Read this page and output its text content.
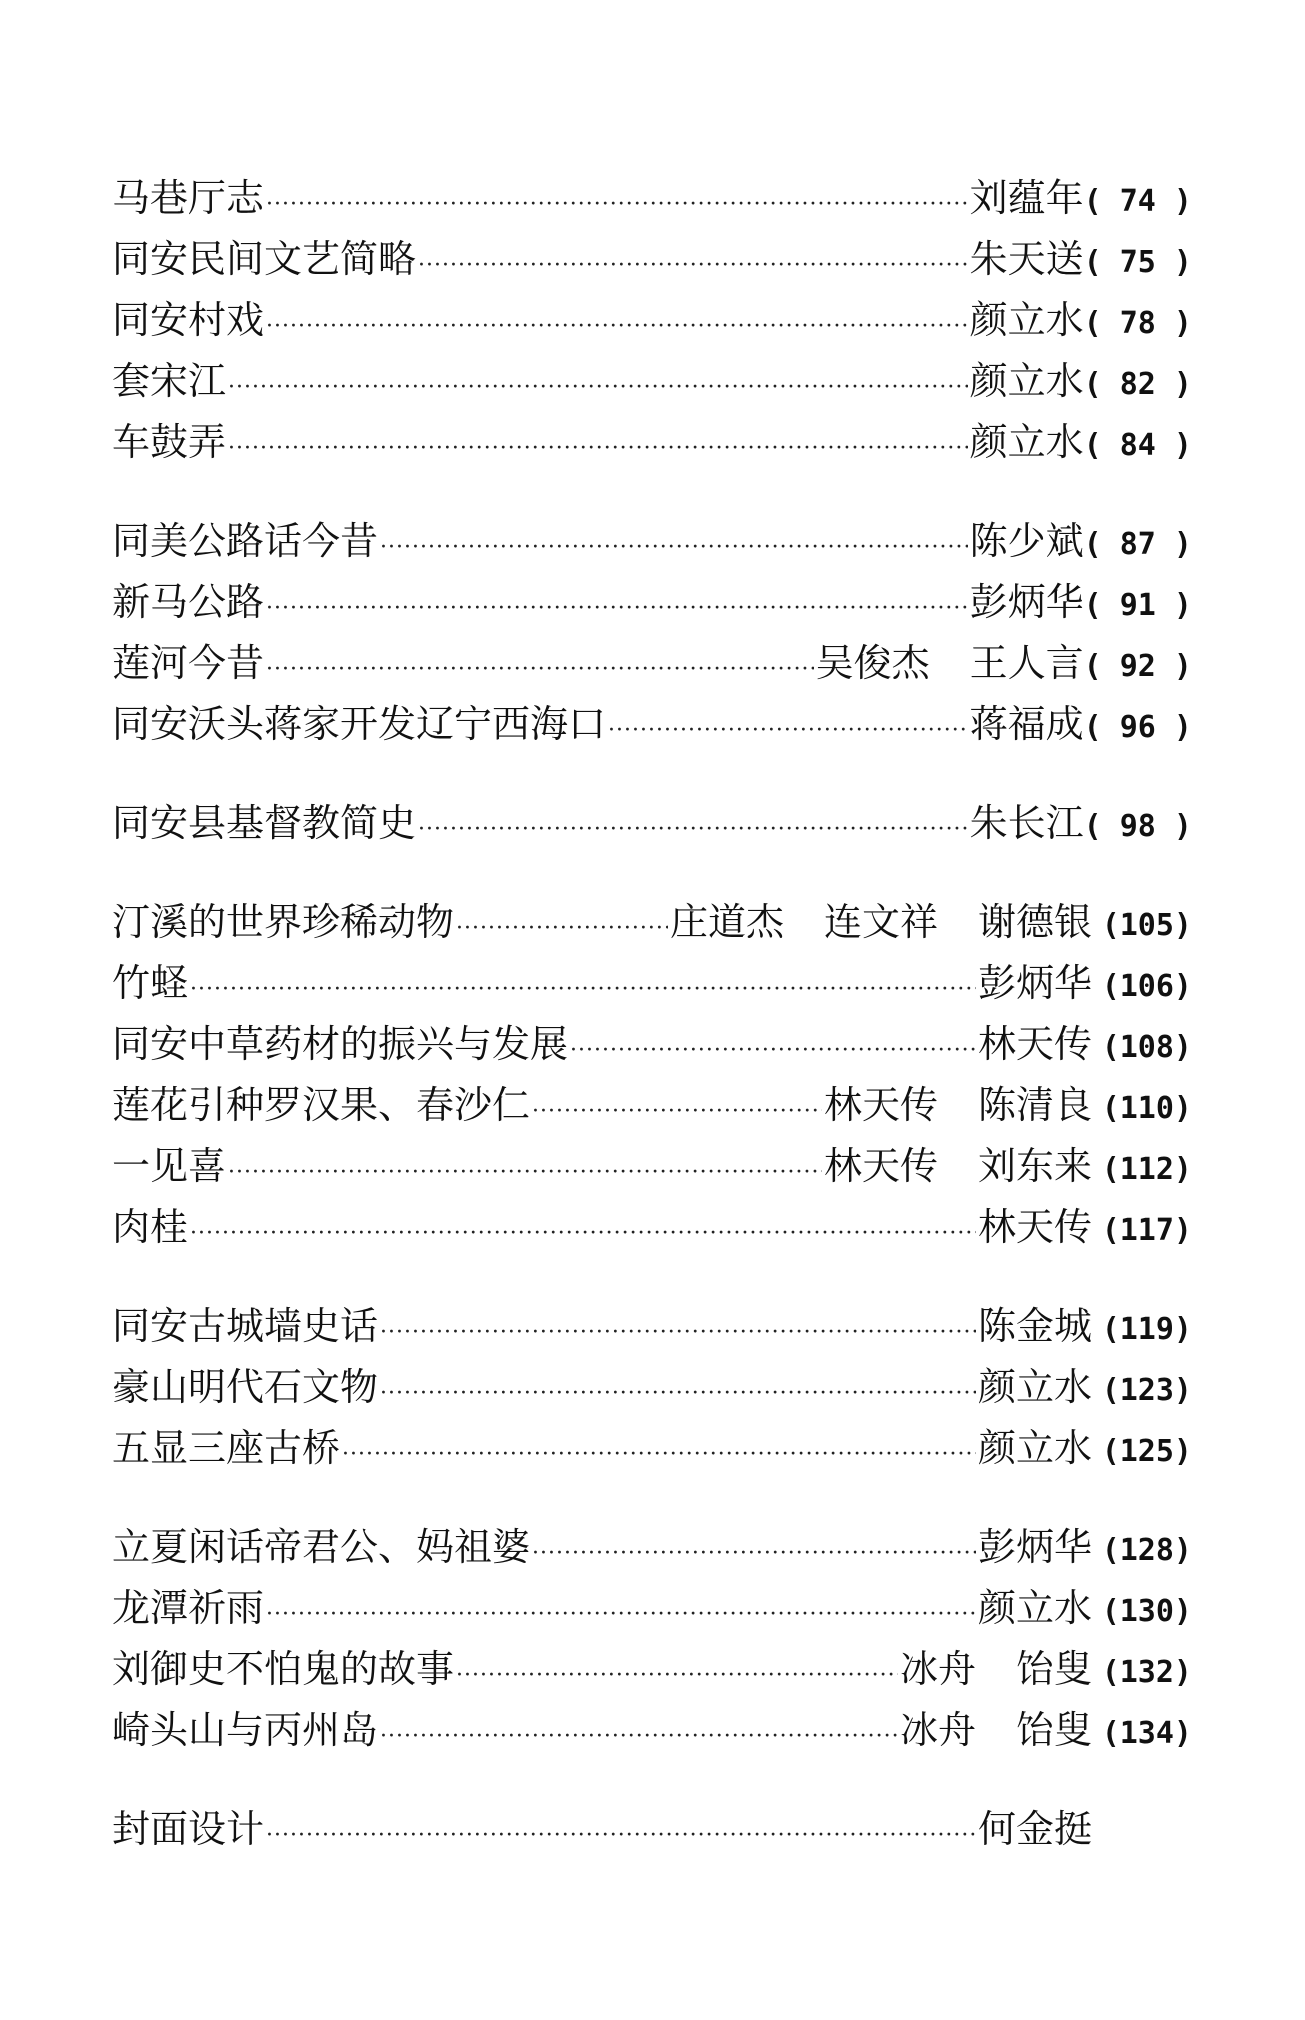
马巷厅志 ·····	刘蕴年 ( 74 )
同安民间文艺简略 ·····	朱天送 ( 75 )
同安村戏 ·····	颜立水 ( 78 )
套宋江 ·····	颜立水 ( 82 )
车鼓弄 ·····	颜立水 ( 84 )
同美公路话今昔 ·····	陈少斌 ( 87 )
新马公路 ·····	彭炳华 ( 91 )
莲河今昔 ·····	吴俊杰 王人言 ( 92 )
同安沃头蒋家开发辽宁西海口 ·····	蒋福成 ( 96 )
同安县基督教简史 ·····	朱长江 ( 98 )
汀溪的世界珍稀动物 ·····	庄道杰 连文祥 谢德银 (105)
竹蛏 ·····	彭炳华 (106)
同安中草药材的振兴与发展 ·····	林天传 (108)
莲花引种罗汉果、春沙仁 ·····	林天传 陈清良 (110)
一见喜 ·····	林天传 刘东来 (112)
肉桂 ·····	林天传 (117)
同安古城墙史话 ·····	陈金城 (119)
豪山明代石文物 ·····	颜立水 (123)
五显三座古桥 ·····	颜立水 (125)
立夏闲话帝君公、妈祖婆 ·····	彭炳华 (128)
龙潭祈雨 ·····	颜立水 (130)
刘御史不怕鬼的故事 ·····	冰舟 饴叟 (132)
崎头山与丙州岛 ·····	冰舟 饴叟 (134)
封面设计 ·····	何金挺
